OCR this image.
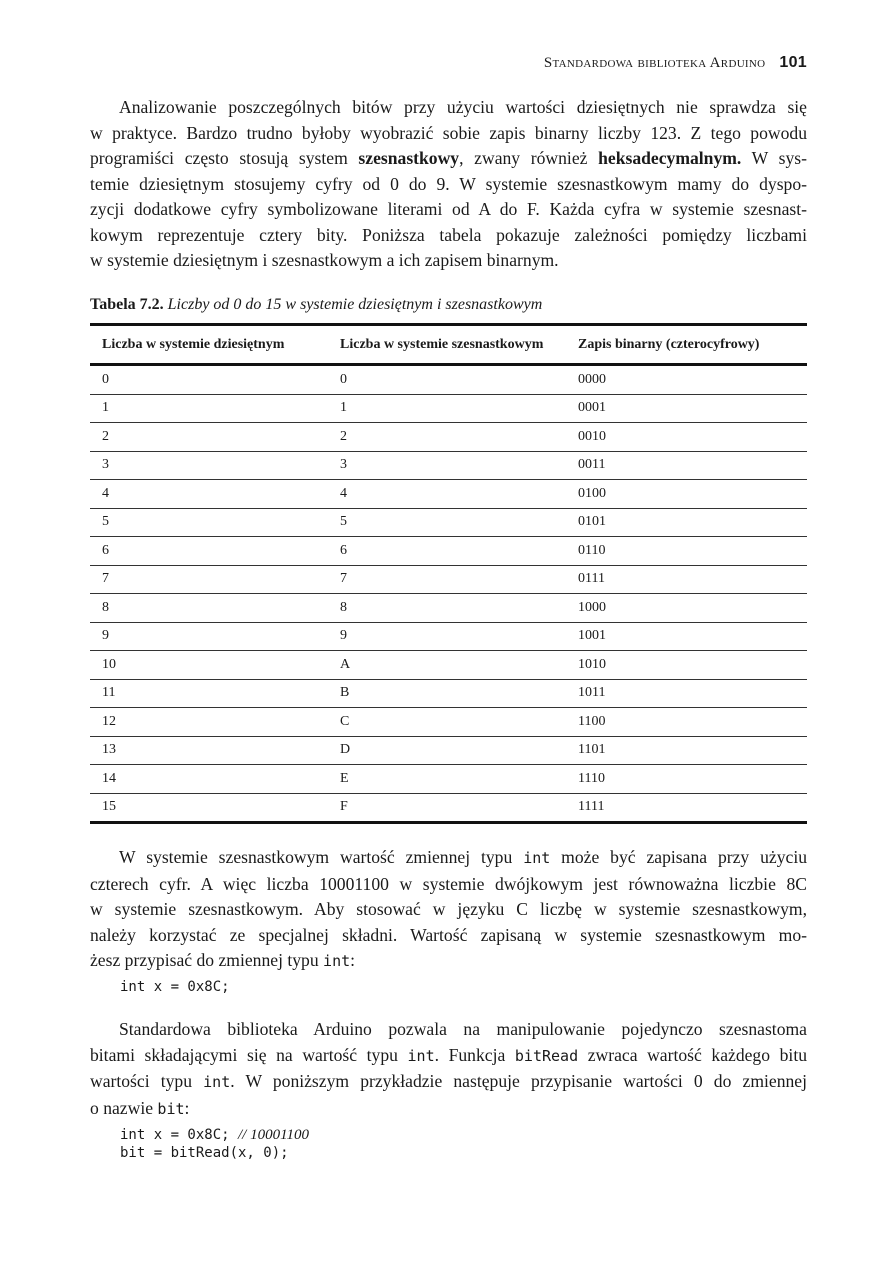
Standardowa biblioteka Arduino 101
Analizowanie poszczególnych bitów przy użyciu wartości dziesiętnych nie sprawdza się
w praktyce. Bardzo trudno byłoby wyobrazić sobie zapis binarny liczby 123. Z tego powodu
programiści często stosują system szesnastkowy, zwany również heksadecymalnym. W sys-
temie dziesiętnym stosujemy cyfry od 0 do 9. W systemie szesnastkowym mamy do dyspo-
zycji dodatkowe cyfry symbolizowane literami od A do F. Każda cyfra w systemie szesnast-
kowym reprezentuje cztery bity. Poniższa tabela pokazuje zależności pomiędzy liczbami
w systemie dziesiętnym i szesnastkowym a ich zapisem binarnym.

Tabela 7.2. Liczby od 0 do 15 w systemie dziesiętnym i szesnastkowym

Liczba w systemie dziesiętnym	Liczba w systemie szesnastkowym	Zapis binarny (czterocyfrowy)
0	0	0000
1	1	0001
2	2	0010
3	3	0011
4	4	0100
5	5	0101
6	6	0110
7	7	0111
8	8	1000
9	9	1001
10	A	1010
11	B	1011
12	C	1100
13	D	1101
14	E	1110
15	F	1111
W systemie szesnastkowym wartość zmiennej typu int może być zapisana przy użyciu
czterech cyfr. A więc liczba 10001100 w systemie dwójkowym jest równoważna liczbie 8C
w systemie szesnastkowym. Aby stosować w języku C liczbę w systemie szesnastkowym,
należy korzystać ze specjalnej składni. Wartość zapisaną w systemie szesnastkowym mo-
żesz przypisać do zmiennej typu int:
int x = 0x8C;
Standardowa biblioteka Arduino pozwala na manipulowanie pojedynczo szesnastoma
bitami składającymi się na wartość typu int. Funkcja bitRead zwraca wartość każdego bitu
wartości typu int. W poniższym przykładzie następuje przypisanie wartości 0 do zmiennej
o nazwie bit:
int x = 0x8C; // 10001100
bit = bitRead(x, 0);
